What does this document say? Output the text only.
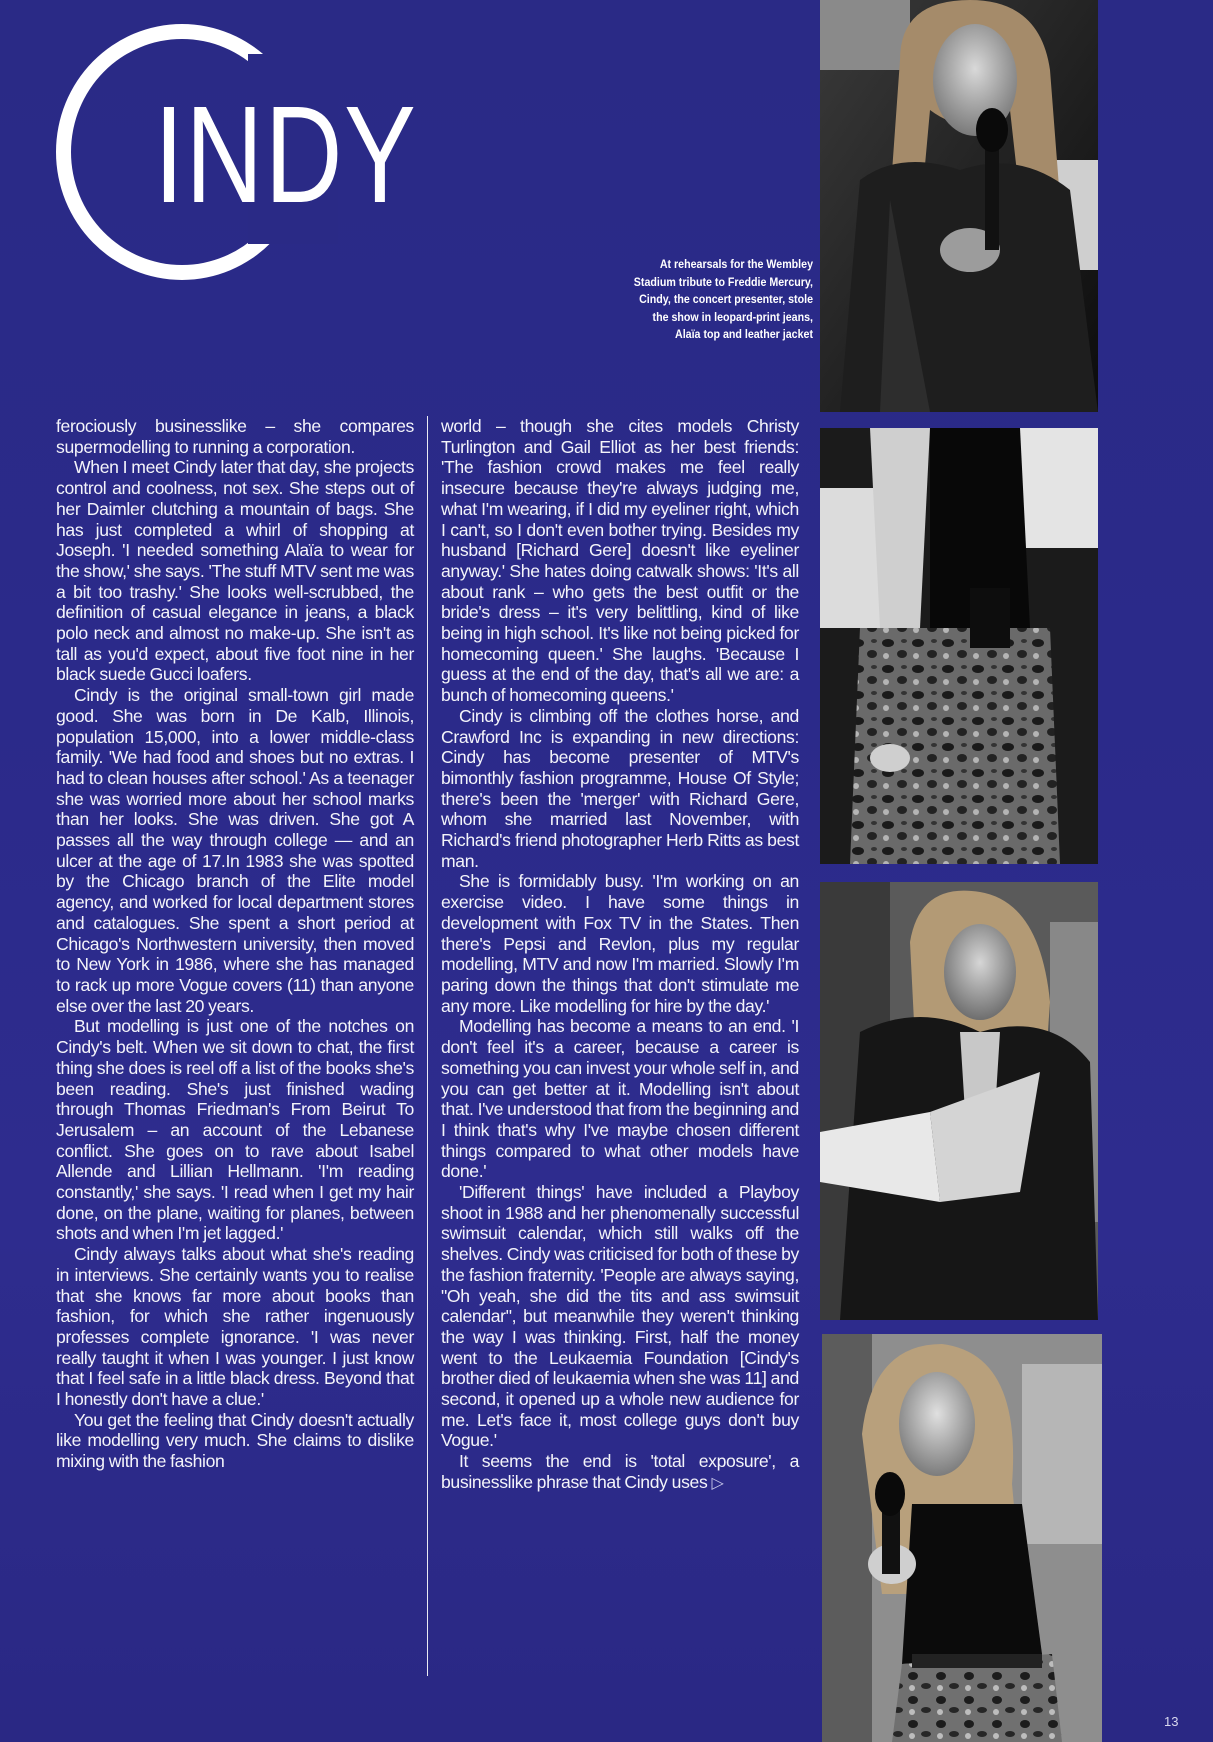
INDY
At rehearsals for the Wembley Stadium tribute to Freddie Mercury, Cindy, the concert presenter, stole the show in leopard-print jeans, Alaïa top and leather jacket

ferociously businesslike – she compares supermodelling to running a corporation.

When I meet Cindy later that day, she projects control and coolness, not sex. She steps out of her Daimler clutching a mountain of bags. She has just completed a whirl of shopping at Joseph. 'I needed something Alaïa to wear for the show,' she says. 'The stuff MTV sent me was a bit too trashy.' She looks well-scrubbed, the definition of casual elegance in jeans, a black polo neck and almost no make-up. She isn't as tall as you'd expect, about five foot nine in her black suede Gucci loafers.

Cindy is the original small-town girl made good. She was born in De Kalb, Illinois, population 15,000, into a lower middle-class family. 'We had food and shoes but no extras. I had to clean houses after school.' As a teenager she was worried more about her school marks than her looks. She was driven. She got A passes all the way through college — and an ulcer at the age of 17.In 1983 she was spotted by the Chicago branch of the Elite model agency, and worked for local department stores and catalogues. She spent a short period at Chicago's Northwestern university, then moved to New York in 1986, where she has managed to rack up more Vogue covers (11) than anyone else over the last 20 years.

But modelling is just one of the notches on Cindy's belt. When we sit down to chat, the first thing she does is reel off a list of the books she's been reading. She's just finished wading through Thomas Friedman's From Beirut To Jerusalem – an account of the Lebanese conflict. She goes on to rave about Isabel Allende and Lillian Hellmann. 'I'm reading constantly,' she says. 'I read when I get my hair done, on the plane, waiting for planes, between shots and when I'm jet lagged.'

Cindy always talks about what she's reading in interviews. She certainly wants you to realise that she knows far more about books than fashion, for which she rather ingenuously professes complete ignorance. 'I was never really taught it when I was younger. I just know that I feel safe in a little black dress. Beyond that I honestly don't have a clue.'

You get the feeling that Cindy doesn't actually like modelling very much. She claims to dislike mixing with the fashion

world – though she cites models Christy Turlington and Gail Elliot as her best friends: 'The fashion crowd makes me feel really insecure because they're always judging me, what I'm wearing, if I did my eyeliner right, which I can't, so I don't even bother trying. Besides my husband [Richard Gere] doesn't like eyeliner anyway.' She hates doing catwalk shows: 'It's all about rank – who gets the best outfit or the bride's dress – it's very belittling, kind of like being in high school. It's like not being picked for homecoming queen.' She laughs. 'Because I guess at the end of the day, that's all we are: a bunch of homecoming queens.'

Cindy is climbing off the clothes horse, and Crawford Inc is expanding in new directions: Cindy has become presenter of MTV's bimonthly fashion programme, House Of Style; there's been the 'merger' with Richard Gere, whom she married last November, with Richard's friend photographer Herb Ritts as best man.

She is formidably busy. 'I'm working on an exercise video. I have some things in development with Fox TV in the States. Then there's Pepsi and Revlon, plus my regular modelling, MTV and now I'm married. Slowly I'm paring down the things that don't stimulate me any more. Like modelling for hire by the day.'

Modelling has become a means to an end. 'I don't feel it's a career, because a career is something you can invest your whole self in, and you can get better at it. Modelling isn't about that. I've understood that from the beginning and I think that's why I've maybe chosen different things compared to what other models have done.'

'Different things' have included a Playboy shoot in 1988 and her phenomenally successful swimsuit calendar, which still walks off the shelves. Cindy was criticised for both of these by the fashion fraternity. 'People are always saying, "Oh yeah, she did the tits and ass swimsuit calendar", but meanwhile they weren't thinking the way I was thinking. First, half the money went to the Leukaemia Foundation [Cindy's brother died of leukaemia when she was 11] and second, it opened up a whole new audience for me. Let's face it, most college guys don't buy Vogue.'

It seems the end is 'total exposure', a businesslike phrase that Cindy uses ▷

13
